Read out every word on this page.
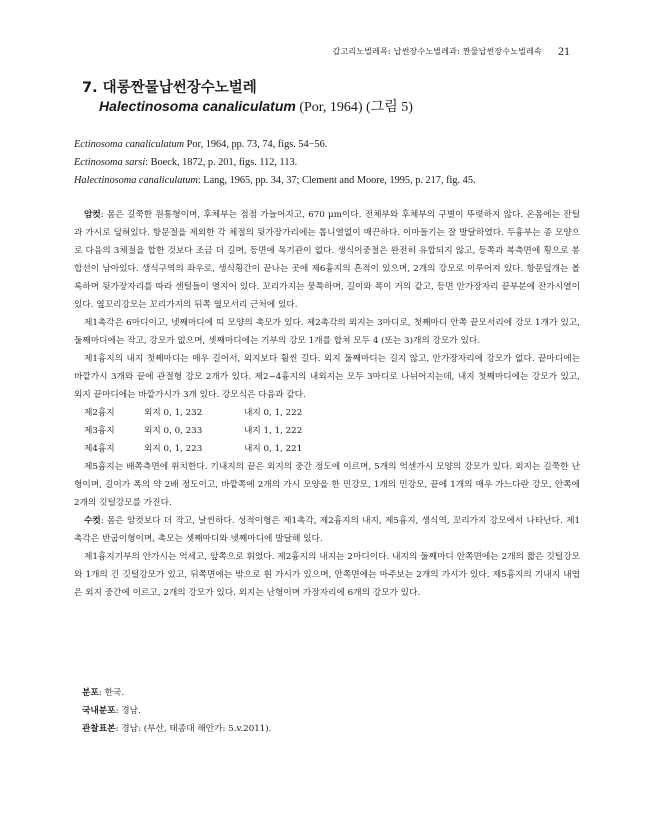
갑고리노벌레목: 납썬장수노벌레과: 짠물납썬장수노벌레속 21
7. 대롱짠물납썬장수노벌레
Halectinosoma canaliculatum (Por, 1964) (그림 5)
Ectinosoma canaliculatum Por, 1964, pp. 73, 74, figs. 54−56.
Ectinosoma sarsi: Boeck, 1872, p. 201, figs. 112, 113.
Halectinosoma canaliculatum: Lang, 1965, pp. 34, 37; Clement and Moore, 1995, p. 217, fig. 45.

암컷: 몸은 길쭉한 원통형이며, 후체부는 점점 가늘어지고, 670 μm이다. 전체부와 후체부의 구별이 뚜렷하지 않다. 온몸에는 잔털과 가시로 덮혀있다. 항문절을 제외한 각 체절의 뒷가장가리에는 톱니열없이 매끈하다. 이마돌기는 잘 발달하였다. 두흉부는 종 모양으로 다음의 3체절을 합한 것보다 조금 더 길며, 등면에 목기관이 없다. 생식이중절은 완전히 유합되지 않고, 등쪽과 복측면에 횡으로 봉합선이 남아있다. 생식구역의 좌우로, 생식횡간이 끝나는 곳에 제6흉지의 흔적이 있으며, 2개의 강모로 이루어져 있다. 항문덮개는 볼록하며 뒷가장자리를 따라 센털들이 열지어 있다. 꼬리가지는 뭉툭하며, 길이와 폭이 거의 같고, 등면 안가장자리 끝부분에 잔가시열이 있다. 옆꼬리강모는 꼬리가지의 뒤쪽 옆모서리 근처에 있다.

제1촉각은 6마디이고, 넷째마디에 띠 모양의 촉모가 있다. 제2촉각의 외지는 3마디로, 첫째마디 안쪽 끝모서리에 강모 1개가 있고, 둘째마디에는 작고, 강모가 없으며, 셋째마디에는 기부의 강모 1개를 합쳐 모두 4 (또는 3)개의 강모가 있다.

제1흉지의 내지 첫째마디는 매우 길어서, 외지보다 훨씬 길다. 외지 둘째마디는 길지 않고, 안가장자리에 강모가 없다. 끝마디에는 바깥가시 3개와 끝에 관절형 강모 2개가 있다. 제2~4흉지의 내외지는 모두 3마디로 나뉘어지는데, 내지 첫째마디에는 강모가 있고, 외지 끝마디에는 바깥가시가 3개 있다. 강모식은 다음과 같다.

제2흉지	외지 0, 1, 232	내지 0, 1, 222
제3흉지	외지 0, 0, 233	내지 1, 1, 222
제4흉지	외지 0, 1, 223	내지 0, 1, 221

제5흉지는 배쪽측면에 위치한다. 기내지의 끝은 외지의 중간 정도에 이르며, 5개의 억센가시 모양의 강모가 있다. 외지는 길쭉한 난형이며, 길이가 폭의 약 2배 정도이고, 바깥쪽에 2개의 가시 모양을 한 민강모, 1개의 민강모, 끝에 1개의 매우 가느다란 강모, 안쪽에 2개의 깃털강모를 가진다.

수컷: 몸은 암컷보다 더 작고, 날씬하다. 성적이형은 제1촉각, 제2흉지의 내지, 제5흉지, 생식역, 꼬리가지 강모에서 나타난다. 제1촉각은 반굽이형이며, 촉모는 셋째마디와 넷째마디에 발달해 있다.

제1흉지기부의 안가시는 억세고, 앞쪽으로 휘었다. 제2흉지의 내지는 2마디이다. 내지의 둘째마디 안쪽면에는 2개의 짧은 깃털강모와 1개의 긴 깃털강모가 있고, 뒤쪽면에는 밖으로 휜 가시가 있으며, 안쪽면에는 마주보는 2개의 가시가 있다. 제5흉지의 기내지 내엽은 외지 중간에 이르고, 2개의 강모가 있다. 외지는 난형이며 가장자리에 6개의 강모가 있다.

분포: 한국.

국내분포: 경남.

관찰표본: 경남: (부산, 태종대 해안가: 5.v.2011).
